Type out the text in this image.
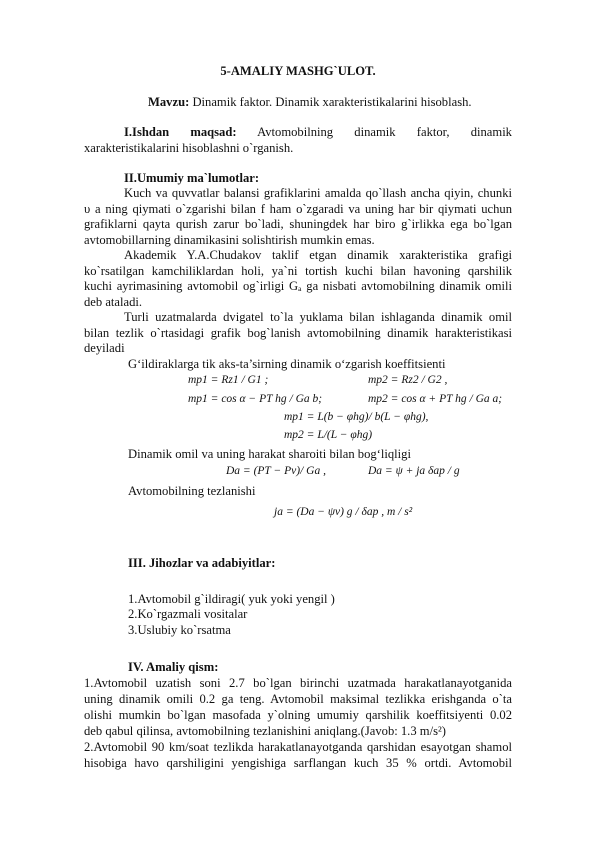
5-AMALIY MASHG`ULOT.
Mavzu: Dinamik faktor. Dinamik xarakteristikalarini hisoblash.
I.Ishdan maqsad: Avtomobilning dinamik faktor, dinamik
xarakteristikalarini hisoblashni o`rganish.
II.Umumiy ma`lumotlar:
Kuch va quvvatlar balansi grafiklarini amalda qo`llash ancha qiyin, chunki
υ a ning qiymati o`zgarishi bilan f ham o`zgaradi va uning har bir qiymati uchun
grafiklarni qayta qurish zarur bo`ladi, shuningdek har biro g`irlikka ega bo`lgan
avtomobillarning dinamikasini solishtirish mumkin emas.
Akademik Y.A.Chudakov taklif etgan dinamik xarakteristika grafigi
ko`rsatilgan kamchiliklardan holi, ya`ni tortish kuchi bilan havoning qarshilik
kuchi ayrimasining avtomobil og`irligi Gₐ ga nisbati avtomobilning dinamik omili
deb ataladi.
Turli uzatmalarda dvigatel to`la yuklama bilan ishlaganda dinamik omil
bilan tezlik o`rtasidagi grafik bog`lanish avtomobilning dinamik harakteristikasi
deyiladi
G‘ildiraklarga tik aks-ta’sirning dinamik o‘zgarish koeffitsienti
mp1 = Rz1 / G1 ;	mp2 = Rz2 / G2 ,
mp1 = cos α − PT hg / Ga b;	mp2 = cos α + PT hg / Ga a;
mp1 = L(b − φhg)/ b(L − φhg),
mp2 = L/(L − φhg)
Dinamik omil va uning harakat sharoiti bilan bog‘liqligi
Da = (PT − Pv)/ Ga ,	Da = ψ + ja δap / g
Avtomobilning tezlanishi
ja = (Da − ψv) g / δap , m / s²
III. Jihozlar va adabiyitlar:
1.Avtomobil g`ildiragi( yuk yoki yengil )
2.Ko`rgazmali vositalar
3.Uslubiy ko`rsatma
IV. Amaliy qism:
1.Avtomobil uzatish soni 2.7 bo`lgan birinchi uzatmada harakatlanayotganida
uning dinamik omili 0.2 ga teng. Avtomobil maksimal tezlikka erishganda o`ta
olishi mumkin bo`lgan masofada y`olning umumiy qarshilik koeffitsiyenti 0.02
deb qabul qilinsa, avtomobilning tezlanishini aniqlang.(Javob: 1.3 m/s²)
2.Avtomobil 90 km/soat tezlikda harakatlanayotganda qarshidan esayotgan shamol
hisobiga havo qarshiligini yengishiga sarflangan kuch 35 % ortdi. Avtomobil
